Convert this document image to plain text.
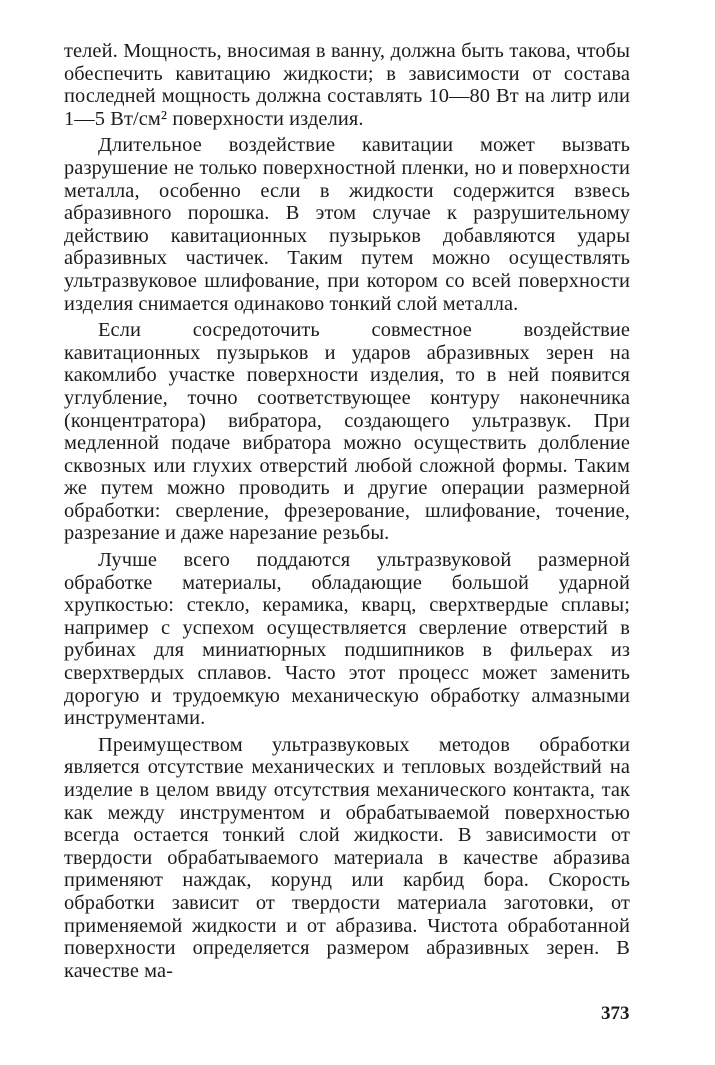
телей. Мощность, вносимая в ванну, должна быть такова, чтобы обеспечить кавитацию жидкости; в зависимости от состава последней мощность должна составлять 10—80 Вт на литр или 1—5 Вт/см² поверхности изделия.

Длительное воздействие кавитации может вызвать разрушение не только поверхностной пленки, но и поверхности металла, особенно если в жидкости содержится взвесь абразивного порошка. В этом случае к разрушительному действию кавитационных пузырьков добавляются удары абразивных частичек. Таким путем можно осуществлять ультразвуковое шлифование, при котором со всей поверхности изделия снимается одинаково тонкий слой металла.

Если сосредоточить совместное воздействие кавитационных пузырьков и ударов абразивных зерен на какомлибо участке поверхности изделия, то в ней появится углубление, точно соответствующее контуру наконечника (концентратора) вибратора, создающего ультразвук. При медленной подаче вибратора можно осуществить долбление сквозных или глухих отверстий любой сложной формы. Таким же путем можно проводить и другие операции размерной обработки: сверление, фрезерование, шлифование, точение, разрезание и даже нарезание резьбы.

Лучше всего поддаются ультразвуковой размерной обработке материалы, обладающие большой ударной хрупкостью: стекло, керамика, кварц, сверхтвердые сплавы; например с успехом осуществляется сверление отверстий в рубинах для миниатюрных подшипников в фильерах из сверхтвердых сплавов. Часто этот процесс может заменить дорогую и трудоемкую механическую обработку алмазными инструментами.

Преимуществом ультразвуковых методов обработки является отсутствие механических и тепловых воздействий на изделие в целом ввиду отсутствия механического контакта, так как между инструментом и обрабатываемой поверхностью всегда остается тонкий слой жидкости. В зависимости от твердости обрабатываемого материала в качестве абразива применяют наждак, корунд или карбид бора. Скорость обработки зависит от твердости материала заготовки, от применяемой жидкости и от абразива. Чистота обработанной поверхности определяется размером абразивных зерен. В качестве ма-

373
